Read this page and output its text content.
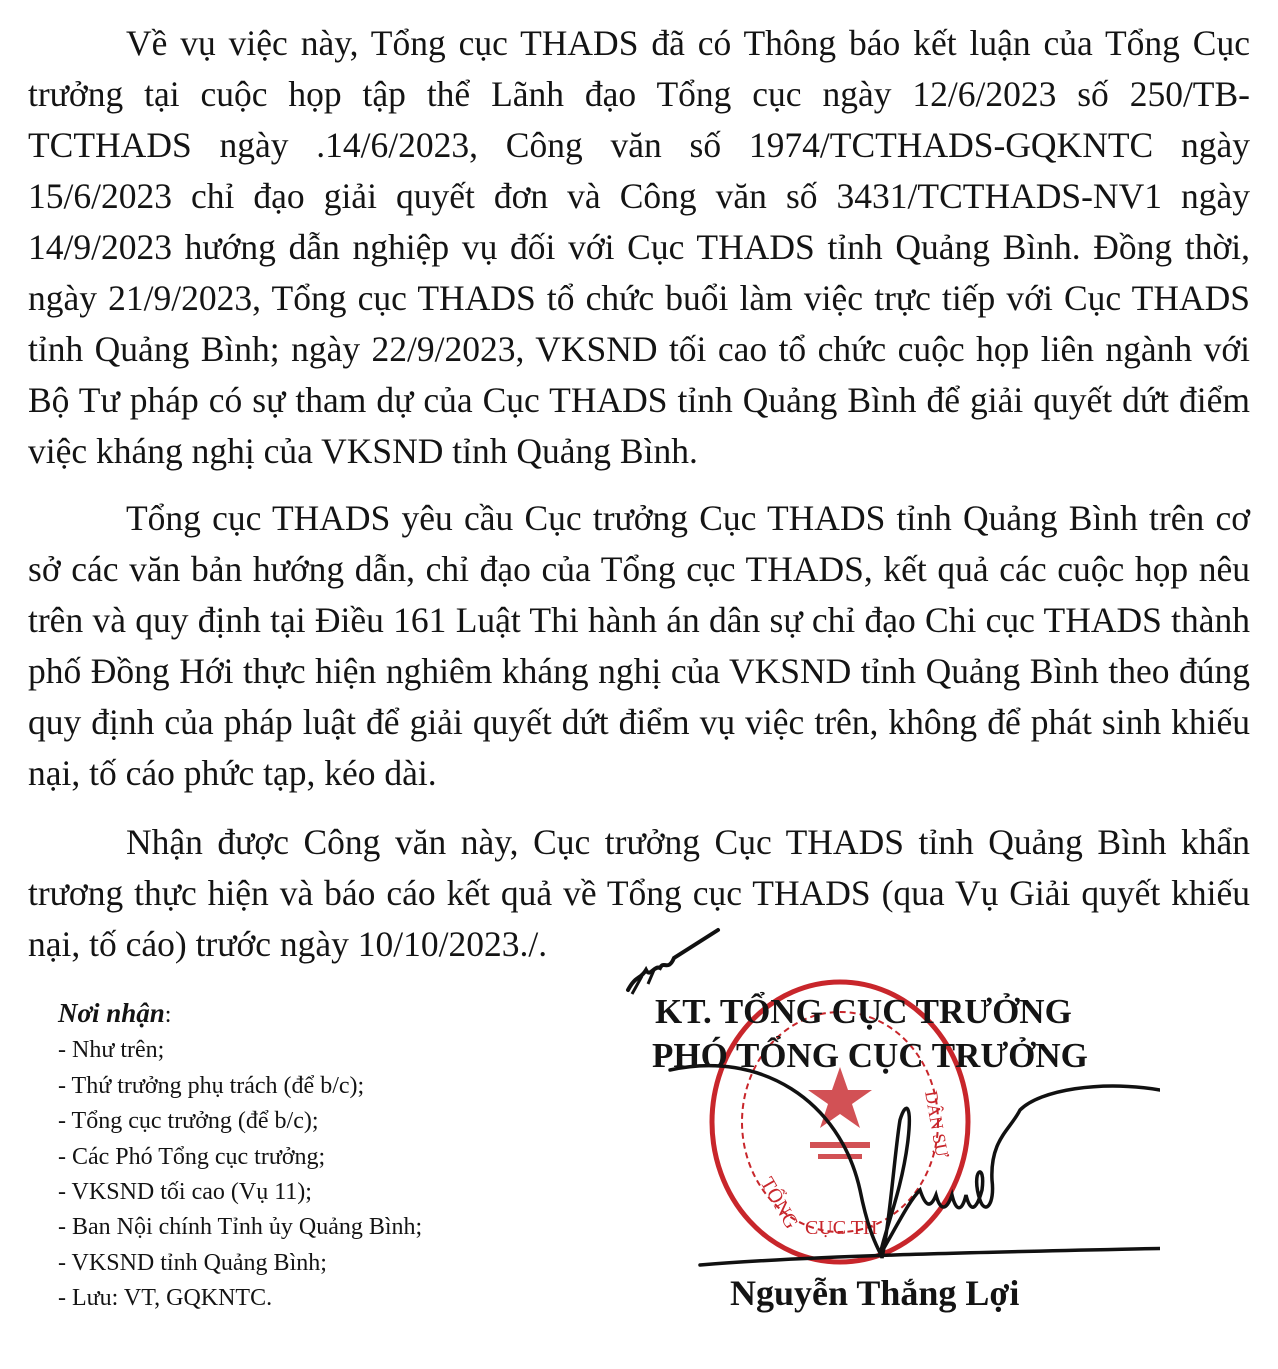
Về vụ việc này, Tổng cục THADS đã có Thông báo kết luận của Tổng Cục trưởng tại cuộc họp tập thể Lãnh đạo Tổng cục ngày 12/6/2023 số 250/TB-TCTHADS ngày .14/6/2023, Công văn số 1974/TCTHADS-GQKNTC ngày 15/6/2023 chỉ đạo giải quyết đơn và Công văn số 3431/TCTHADS-NV1 ngày 14/9/2023 hướng dẫn nghiệp vụ đối với Cục THADS tỉnh Quảng Bình. Đồng thời, ngày 21/9/2023, Tổng cục THADS tổ chức buổi làm việc trực tiếp với Cục THADS tỉnh Quảng Bình; ngày 22/9/2023, VKSND tối cao tổ chức cuộc họp liên ngành với Bộ Tư pháp có sự tham dự của Cục THADS tỉnh Quảng Bình để giải quyết dứt điểm việc kháng nghị của VKSND tỉnh Quảng Bình.

Tổng cục THADS yêu cầu Cục trưởng Cục THADS tỉnh Quảng Bình trên cơ sở các văn bản hướng dẫn, chỉ đạo của Tổng cục THADS, kết quả các cuộc họp nêu trên và quy định tại Điều 161 Luật Thi hành án dân sự chỉ đạo Chi cục THADS thành phố Đồng Hới thực hiện nghiêm kháng nghị của VKSND tỉnh Quảng Bình theo đúng quy định của pháp luật để giải quyết dứt điểm vụ việc trên, không để phát sinh khiếu nại, tố cáo phức tạp, kéo dài.

Nhận được Công văn này, Cục trưởng Cục THADS tỉnh Quảng Bình khẩn trương thực hiện và báo cáo kết quả về Tổng cục THADS (qua Vụ Giải quyết khiếu nại, tố cáo) trước ngày 10/10/2023./.

Nơi nhận:
- Như trên;
- Thứ trưởng phụ trách (để b/c);
- Tổng cục trưởng (để b/c);
- Các Phó Tổng cục trưởng;
- VKSND tối cao (Vụ 11);
- Ban Nội chính Tỉnh ủy Quảng Bình;
- VKSND tỉnh Quảng Bình;
- Lưu: VT, GQKNTC.
TỔNG CỤC TH
DÂN SỰ
KT. TỔNG CỤC TRƯỞNG
PHÓ TỔNG CỤC TRƯỞNG
Nguyễn Thắng Lợi
